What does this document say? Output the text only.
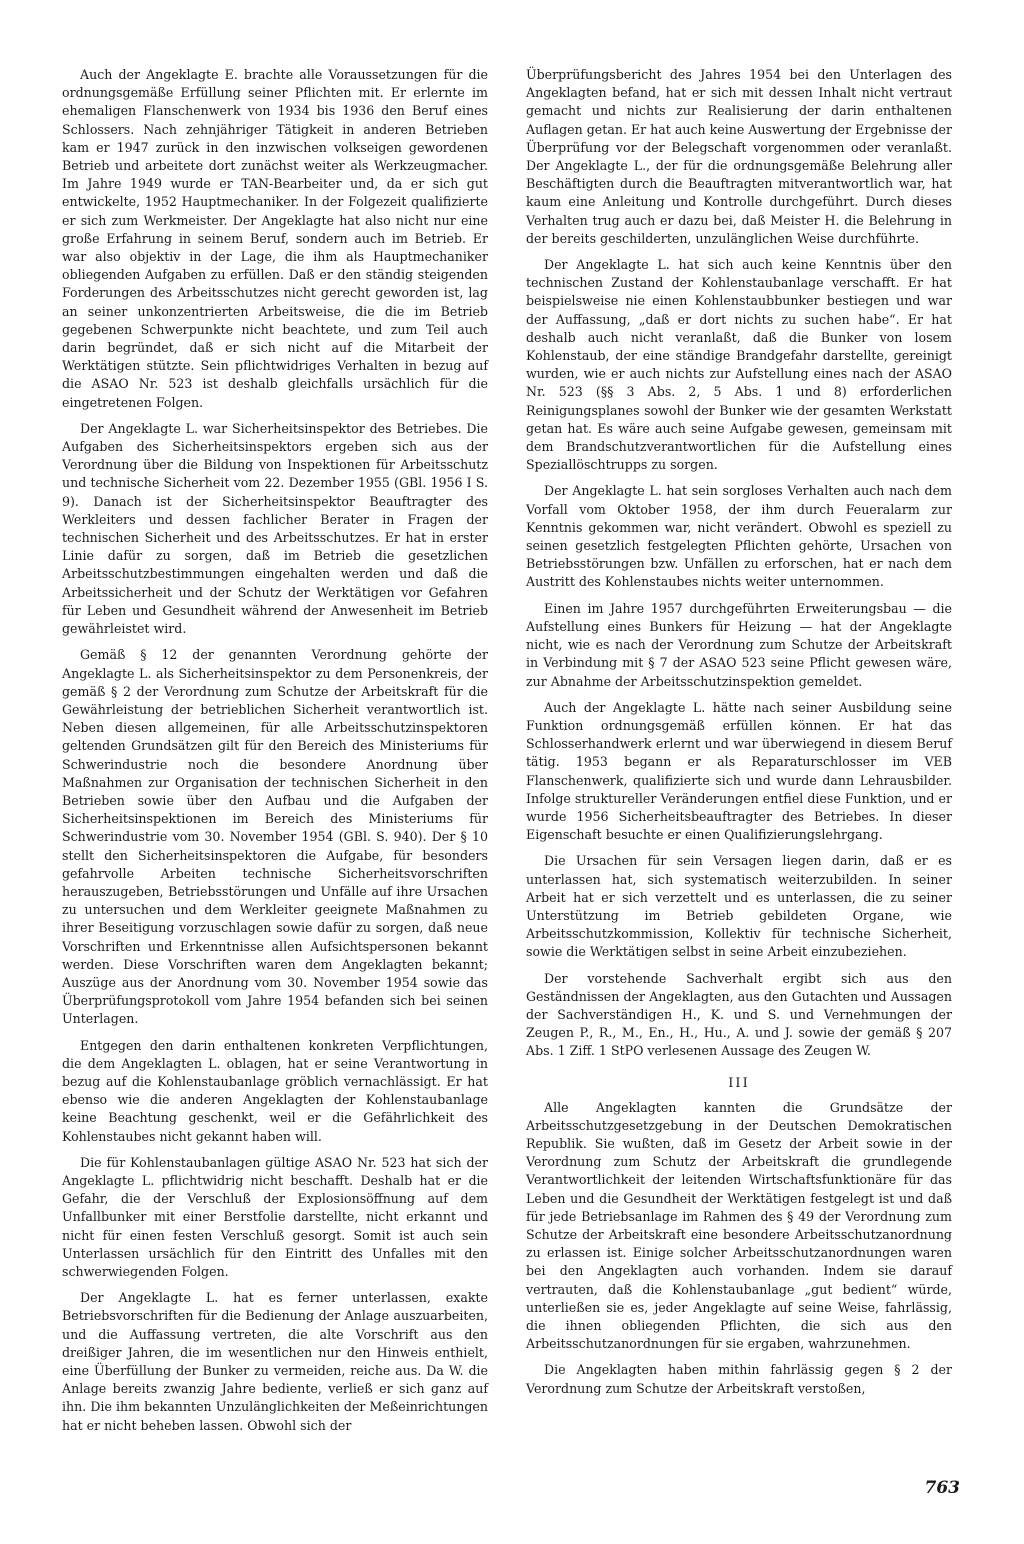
Auch der Angeklagte E. brachte alle Voraussetzungen für die ordnungsgemäße Erfüllung seiner Pflichten mit. Er erlernte im ehemaligen Flanschenwerk von 1934 bis 1936 den Beruf eines Schlossers. Nach zehnjähriger Tätigkeit in anderen Betrieben kam er 1947 zurück in den inzwischen volkseigen gewordenen Betrieb und arbeitete dort zunächst weiter als Werkzeugmacher. Im Jahre 1949 wurde er TAN-Bearbeiter und, da er sich gut entwickelte, 1952 Hauptmechaniker. In der Folgezeit qualifizierte er sich zum Werkmeister. Der Angeklagte hat also nicht nur eine große Erfahrung in seinem Beruf, sondern auch im Betrieb. Er war also objektiv in der Lage, die ihm als Hauptmechaniker obliegenden Aufgaben zu erfüllen. Daß er den ständig steigenden Forderungen des Arbeitsschutzes nicht gerecht geworden ist, lag an seiner unkonzentrierten Arbeitsweise, die die im Betrieb gegebenen Schwerpunkte nicht beachtete, und zum Teil auch darin begründet, daß er sich nicht auf die Mitarbeit der Werktätigen stützte. Sein pflichtwidriges Verhalten in bezug auf die ASAO Nr. 523 ist deshalb gleichfalls ursächlich für die eingetretenen Folgen.

Der Angeklagte L. war Sicherheitsinspektor des Betriebes. Die Aufgaben des Sicherheitsinspektors ergeben sich aus der Verordnung über die Bildung von Inspektionen für Arbeitsschutz und technische Sicherheit vom 22. Dezember 1955 (GBl. 1956 I S. 9). Danach ist der Sicherheitsinspektor Beauftragter des Werkleiters und dessen fachlicher Berater in Fragen der technischen Sicherheit und des Arbeitsschutzes. Er hat in erster Linie dafür zu sorgen, daß im Betrieb die gesetzlichen Arbeitsschutzbestimmungen eingehalten werden und daß die Arbeitssicherheit und der Schutz der Werktätigen vor Gefahren für Leben und Gesundheit während der Anwesenheit im Betrieb gewährleistet wird.

Gemäß § 12 der genannten Verordnung gehörte der Angeklagte L. als Sicherheitsinspektor zu dem Personenkreis, der gemäß § 2 der Verordnung zum Schutze der Arbeitskraft für die Gewährleistung der betrieblichen Sicherheit verantwortlich ist. Neben diesen allgemeinen, für alle Arbeitsschutzinspektoren geltenden Grundsätzen gilt für den Bereich des Ministeriums für Schwerindustrie noch die besondere Anordnung über Maßnahmen zur Organisation der technischen Sicherheit in den Betrieben sowie über den Aufbau und die Aufgaben der Sicherheitsinspektionen im Bereich des Ministeriums für Schwerindustrie vom 30. November 1954 (GBl. S. 940). Der § 10 stellt den Sicherheitsinspektoren die Aufgabe, für besonders gefahrvolle Arbeiten technische Sicherheitsvorschriften herauszugeben, Betriebsstörungen und Unfälle auf ihre Ursachen zu untersuchen und dem Werkleiter geeignete Maßnahmen zu ihrer Beseitigung vorzuschlagen sowie dafür zu sorgen, daß neue Vorschriften und Erkenntnisse allen Aufsichtspersonen bekannt werden. Diese Vorschriften waren dem Angeklagten bekannt; Auszüge aus der Anordnung vom 30. November 1954 sowie das Überprüfungsprotokoll vom Jahre 1954 befanden sich bei seinen Unterlagen.

Entgegen den darin enthaltenen konkreten Verpflichtungen, die dem Angeklagten L. oblagen, hat er seine Verantwortung in bezug auf die Kohlenstaubanlage gröblich vernachlässigt. Er hat ebenso wie die anderen Angeklagten der Kohlenstaubanlage keine Beachtung geschenkt, weil er die Gefährlichkeit des Kohlenstaubes nicht gekannt haben will.

Die für Kohlenstaubanlagen gültige ASAO Nr. 523 hat sich der Angeklagte L. pflichtwidrig nicht beschafft. Deshalb hat er die Gefahr, die der Verschluß der Explosionsöffnung auf dem Unfallbunker mit einer Berstfolie darstellte, nicht erkannt und nicht für einen festen Verschluß gesorgt. Somit ist auch sein Unterlassen ursächlich für den Eintritt des Unfalles mit den schwerwiegenden Folgen.

Der Angeklagte L. hat es ferner unterlassen, exakte Betriebsvorschriften für die Bedienung der Anlage auszuarbeiten, und die Auffassung vertreten, die alte Vorschrift aus den dreißiger Jahren, die im wesentlichen nur den Hinweis enthielt, eine Überfüllung der Bunker zu vermeiden, reiche aus. Da W. die Anlage bereits zwanzig Jahre bediente, verließ er sich ganz auf ihn. Die ihm bekannten Unzulänglichkeiten der Meßeinrichtungen hat er nicht beheben lassen. Obwohl sich der

Überprüfungsbericht des Jahres 1954 bei den Unterlagen des Angeklagten befand, hat er sich mit dessen Inhalt nicht vertraut gemacht und nichts zur Realisierung der darin enthaltenen Auflagen getan. Er hat auch keine Auswertung der Ergebnisse der Überprüfung vor der Belegschaft vorgenommen oder veranlaßt. Der Angeklagte L., der für die ordnungsgemäße Belehrung aller Beschäftigten durch die Beauftragten mitverantwortlich war, hat kaum eine Anleitung und Kontrolle durchgeführt. Durch dieses Verhalten trug auch er dazu bei, daß Meister H. die Belehrung in der bereits geschilderten, unzulänglichen Weise durchführte.

Der Angeklagte L. hat sich auch keine Kenntnis über den technischen Zustand der Kohlenstaubanlage verschafft. Er hat beispielsweise nie einen Kohlenstaubbunker bestiegen und war der Auffassung, „daß er dort nichts zu suchen habe“. Er hat deshalb auch nicht veranlaßt, daß die Bunker von losem Kohlenstaub, der eine ständige Brandgefahr darstellte, gereinigt wurden, wie er auch nichts zur Aufstellung eines nach der ASAO Nr. 523 (§§ 3 Abs. 2, 5 Abs. 1 und 8) erforderlichen Reinigungsplanes sowohl der Bunker wie der gesamten Werkstatt getan hat. Es wäre auch seine Aufgabe gewesen, gemeinsam mit dem Brandschutzverantwortlichen für die Aufstellung eines Speziallöschtrupps zu sorgen.

Der Angeklagte L. hat sein sorgloses Verhalten auch nach dem Vorfall vom Oktober 1958, der ihm durch Feueralarm zur Kenntnis gekommen war, nicht verändert. Obwohl es speziell zu seinen gesetzlich festgelegten Pflichten gehörte, Ursachen von Betriebsstörungen bzw. Unfällen zu erforschen, hat er nach dem Austritt des Kohlenstaubes nichts weiter unternommen.

Einen im Jahre 1957 durchgeführten Erweiterungsbau — die Aufstellung eines Bunkers für Heizung — hat der Angeklagte nicht, wie es nach der Verordnung zum Schutze der Arbeitskraft in Verbindung mit § 7 der ASAO 523 seine Pflicht gewesen wäre, zur Abnahme der Arbeitsschutzinspektion gemeldet.

Auch der Angeklagte L. hätte nach seiner Ausbildung seine Funktion ordnungsgemäß erfüllen können. Er hat das Schlosserhandwerk erlernt und war überwiegend in diesem Beruf tätig. 1953 begann er als Reparaturschlosser im VEB Flanschenwerk, qualifizierte sich und wurde dann Lehrausbilder. Infolge struktureller Veränderungen entfiel diese Funktion, und er wurde 1956 Sicherheitsbeauftragter des Betriebes. In dieser Eigenschaft besuchte er einen Qualifizierungslehrgang.

Die Ursachen für sein Versagen liegen darin, daß er es unterlassen hat, sich systematisch weiterzubilden. In seiner Arbeit hat er sich verzettelt und es unterlassen, die zu seiner Unterstützung im Betrieb gebildeten Organe, wie Arbeitsschutzkommission, Kollektiv für technische Sicherheit, sowie die Werktätigen selbst in seine Arbeit einzubeziehen.

Der vorstehende Sachverhalt ergibt sich aus den Geständnissen der Angeklagten, aus den Gutachten und Aussagen der Sachverständigen H., K. und S. und Vernehmungen der Zeugen P., R., M., En., H., Hu., A. und J. sowie der gemäß § 207 Abs. 1 Ziff. 1 StPO verlesenen Aussage des Zeugen W.

III

Alle Angeklagten kannten die Grundsätze der Arbeitsschutzgesetzgebung in der Deutschen Demokratischen Republik. Sie wußten, daß im Gesetz der Arbeit sowie in der Verordnung zum Schutz der Arbeitskraft die grundlegende Verantwortlichkeit der leitenden Wirtschaftsfunktionäre für das Leben und die Gesundheit der Werktätigen festgelegt ist und daß für jede Betriebsanlage im Rahmen des § 49 der Verordnung zum Schutze der Arbeitskraft eine besondere Arbeitsschutzanordnung zu erlassen ist. Einige solcher Arbeitsschutzanordnungen waren bei den Angeklagten auch vorhanden. Indem sie darauf vertrauten, daß die Kohlenstaubanlage „gut bedient“ würde, unterließen sie es, jeder Angeklagte auf seine Weise, fahrlässig, die ihnen obliegenden Pflichten, die sich aus den Arbeitsschutzanordnungen für sie ergaben, wahrzunehmen.

Die Angeklagten haben mithin fahrlässig gegen § 2 der Verordnung zum Schutze der Arbeitskraft verstoßen,

763
